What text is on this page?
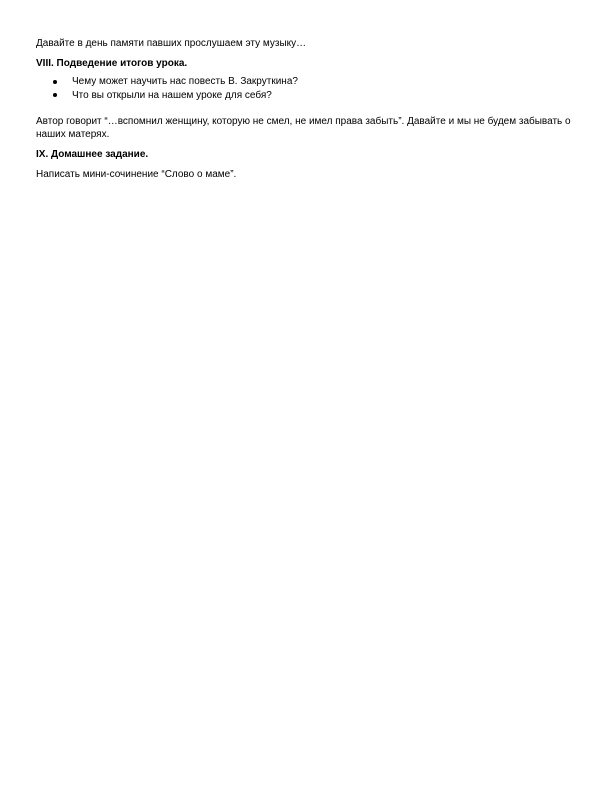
Давайте в день памяти павших прослушаем эту музыку…
VIII. Подведение итогов урока.
Чему может научить нас повесть В. Закруткина?
Что вы открыли на нашем уроке для себя?
Автор говорит “…вспомнил женщину, которую не смел, не имел права забыть”. Давайте и мы не будем забывать о наших матерях.
IX. Домашнее задание.
Написать мини-сочинение “Слово о маме”.
